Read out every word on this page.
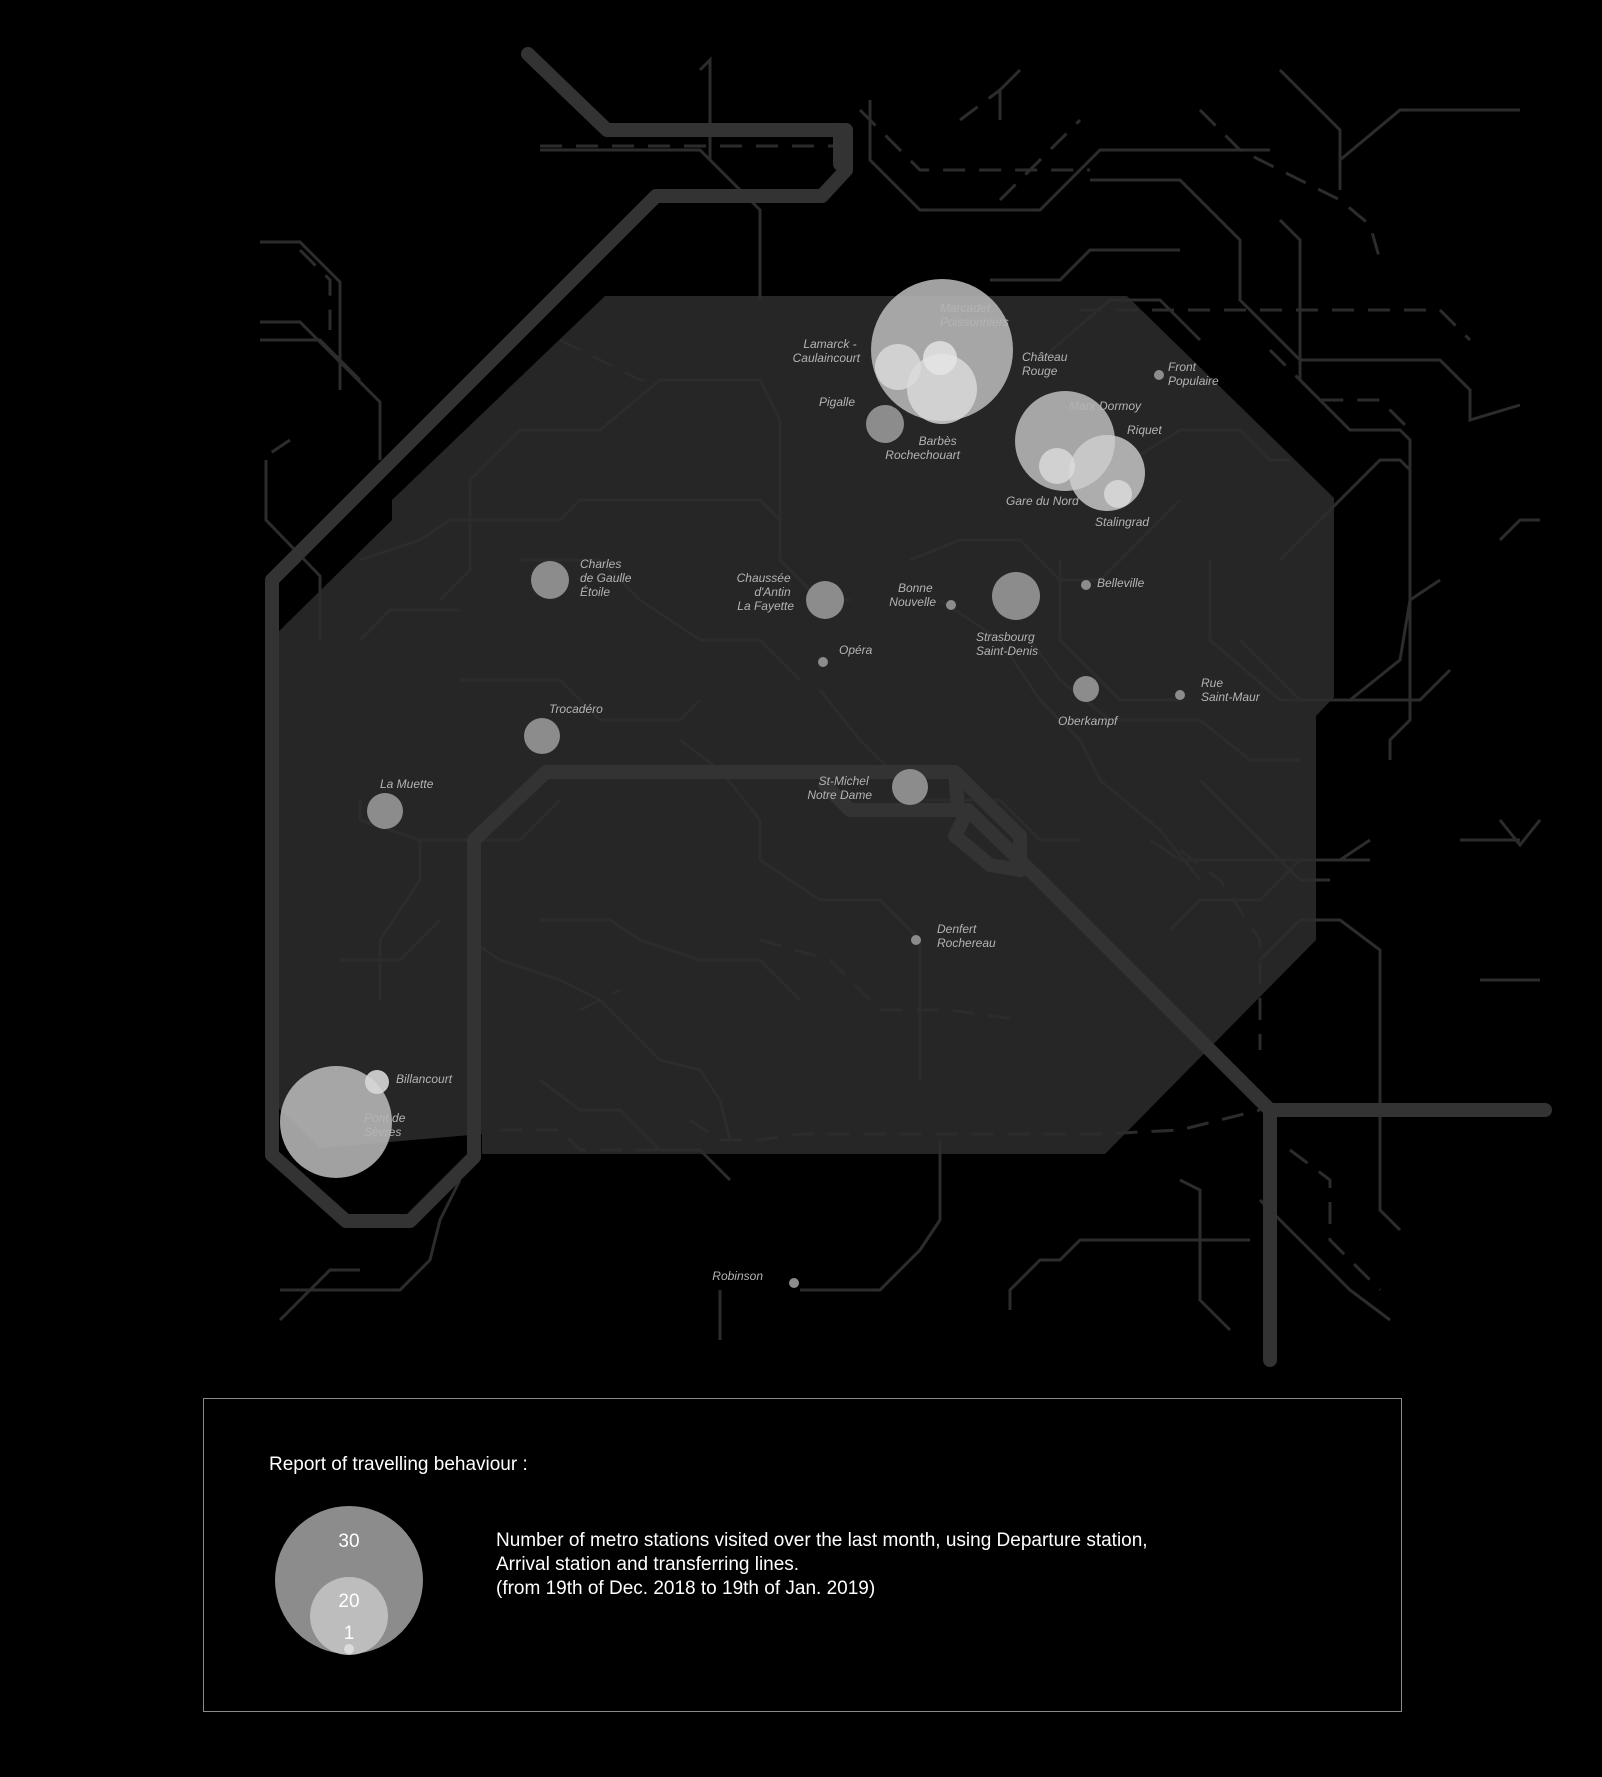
Marcadet Poissonniers
Lamarck - Caulaincourt	Château Rouge
Barbès Rochechouart
Pigalle
Front Populaire
Marx Dormoy
Riquet
Gare du Nord
Stalingrad
Charles de Gaulle Étoile
Chaussée d'Antin La Fayette
Bonne Nouvelle
Strasbourg Saint-Denis
Belleville
Opéra
Oberkampf
Rue Saint-Maur
Trocadéro
La Muette	St-Michel Notre Dame
Denfert Rochereau
Billancourt
Pont de Sèvres
Robinson
Report of travelling behaviour :
30
20
1
Number of metro stations visited over the last month, using Departure station,
Arrival station and transferring lines.
(from 19th of Dec. 2018 to 19th of Jan. 2019)
